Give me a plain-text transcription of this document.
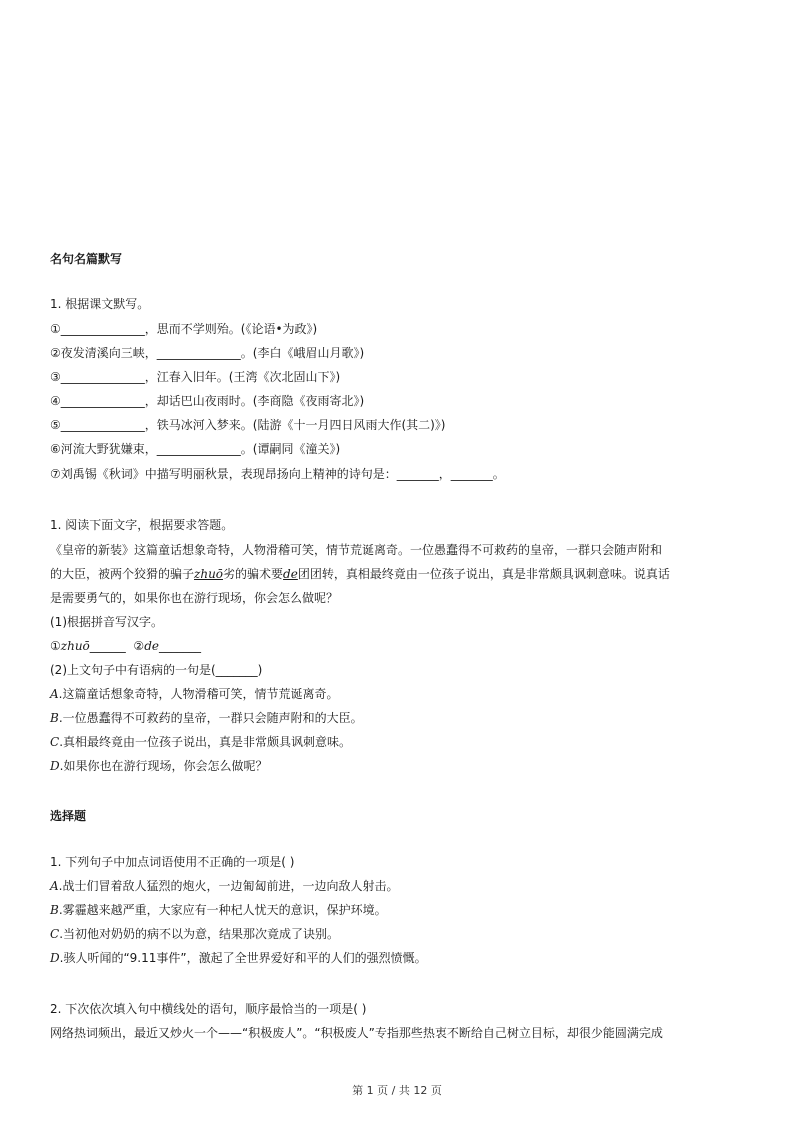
名句名篇默写
1. 根据课文默写。
①______________，思而不学则殆。(《论语•为政》)
②夜发清溪向三峡，______________。(李白《峨眉山月歌》)
③______________，江春入旧年。(王湾《次北固山下》)
④______________，却话巴山夜雨时。(李商隐《夜雨寄北》)
⑤______________，铁马冰河入梦来。(陆游《十一月四日风雨大作(其二)》)
⑥河流大野犹嫌束，______________。(谭嗣同《潼关》)
⑦刘禹锡《秋词》中描写明丽秋景，表现昂扬向上精神的诗句是：_______，_______。
1. 阅读下面文字，根据要求答题。
《皇帝的新装》这篇童话想象奇特，人物滑稽可笑，情节荒诞离奇。一位愚蠢得不可救药的皇帝，一群只会随声附和
的大臣，被两个狡猾的骗子zhuō劣的骗术要de团团转，真相最终竟由一位孩子说出，真是非常颇具讽刺意味。说真话
是需要勇气的，如果你也在游行现场，你会怎么做呢？
(1)根据拼音写汉字。
①zhuō______ ②de_______
(2)上文句子中有语病的一句是(_______)
A.这篇童话想象奇特，人物滑稽可笑，情节荒诞离奇。
B.一位愚蠢得不可救药的皇帝，一群只会随声附和的大臣。
C.真相最终竟由一位孩子说出，真是非常颇具讽刺意味。
D.如果你也在游行现场，你会怎么做呢？
选择题
1. 下列句子中加点词语使用不正确的一项是( )
A.战士们冒着敌人猛烈的炮火，一边匍匐前进，一边向敌人射击。
B.雾霾越来越严重，大家应有一种杞人忧天的意识，保护环境。
C.当初他对奶奶的病不以为意，结果那次竟成了诀别。
D.骇人听闻的“9.11事件”，激起了全世界爱好和平的人们的强烈愤慨。
2. 下次依次填入句中横线处的语句，顺序最恰当的一项是( )
网络热词频出，最近又炒火一个——“积极废人”。“积极废人”专指那些热衷不断给自己树立目标，却很少能圆满完成
第 1 页 / 共 12 页
